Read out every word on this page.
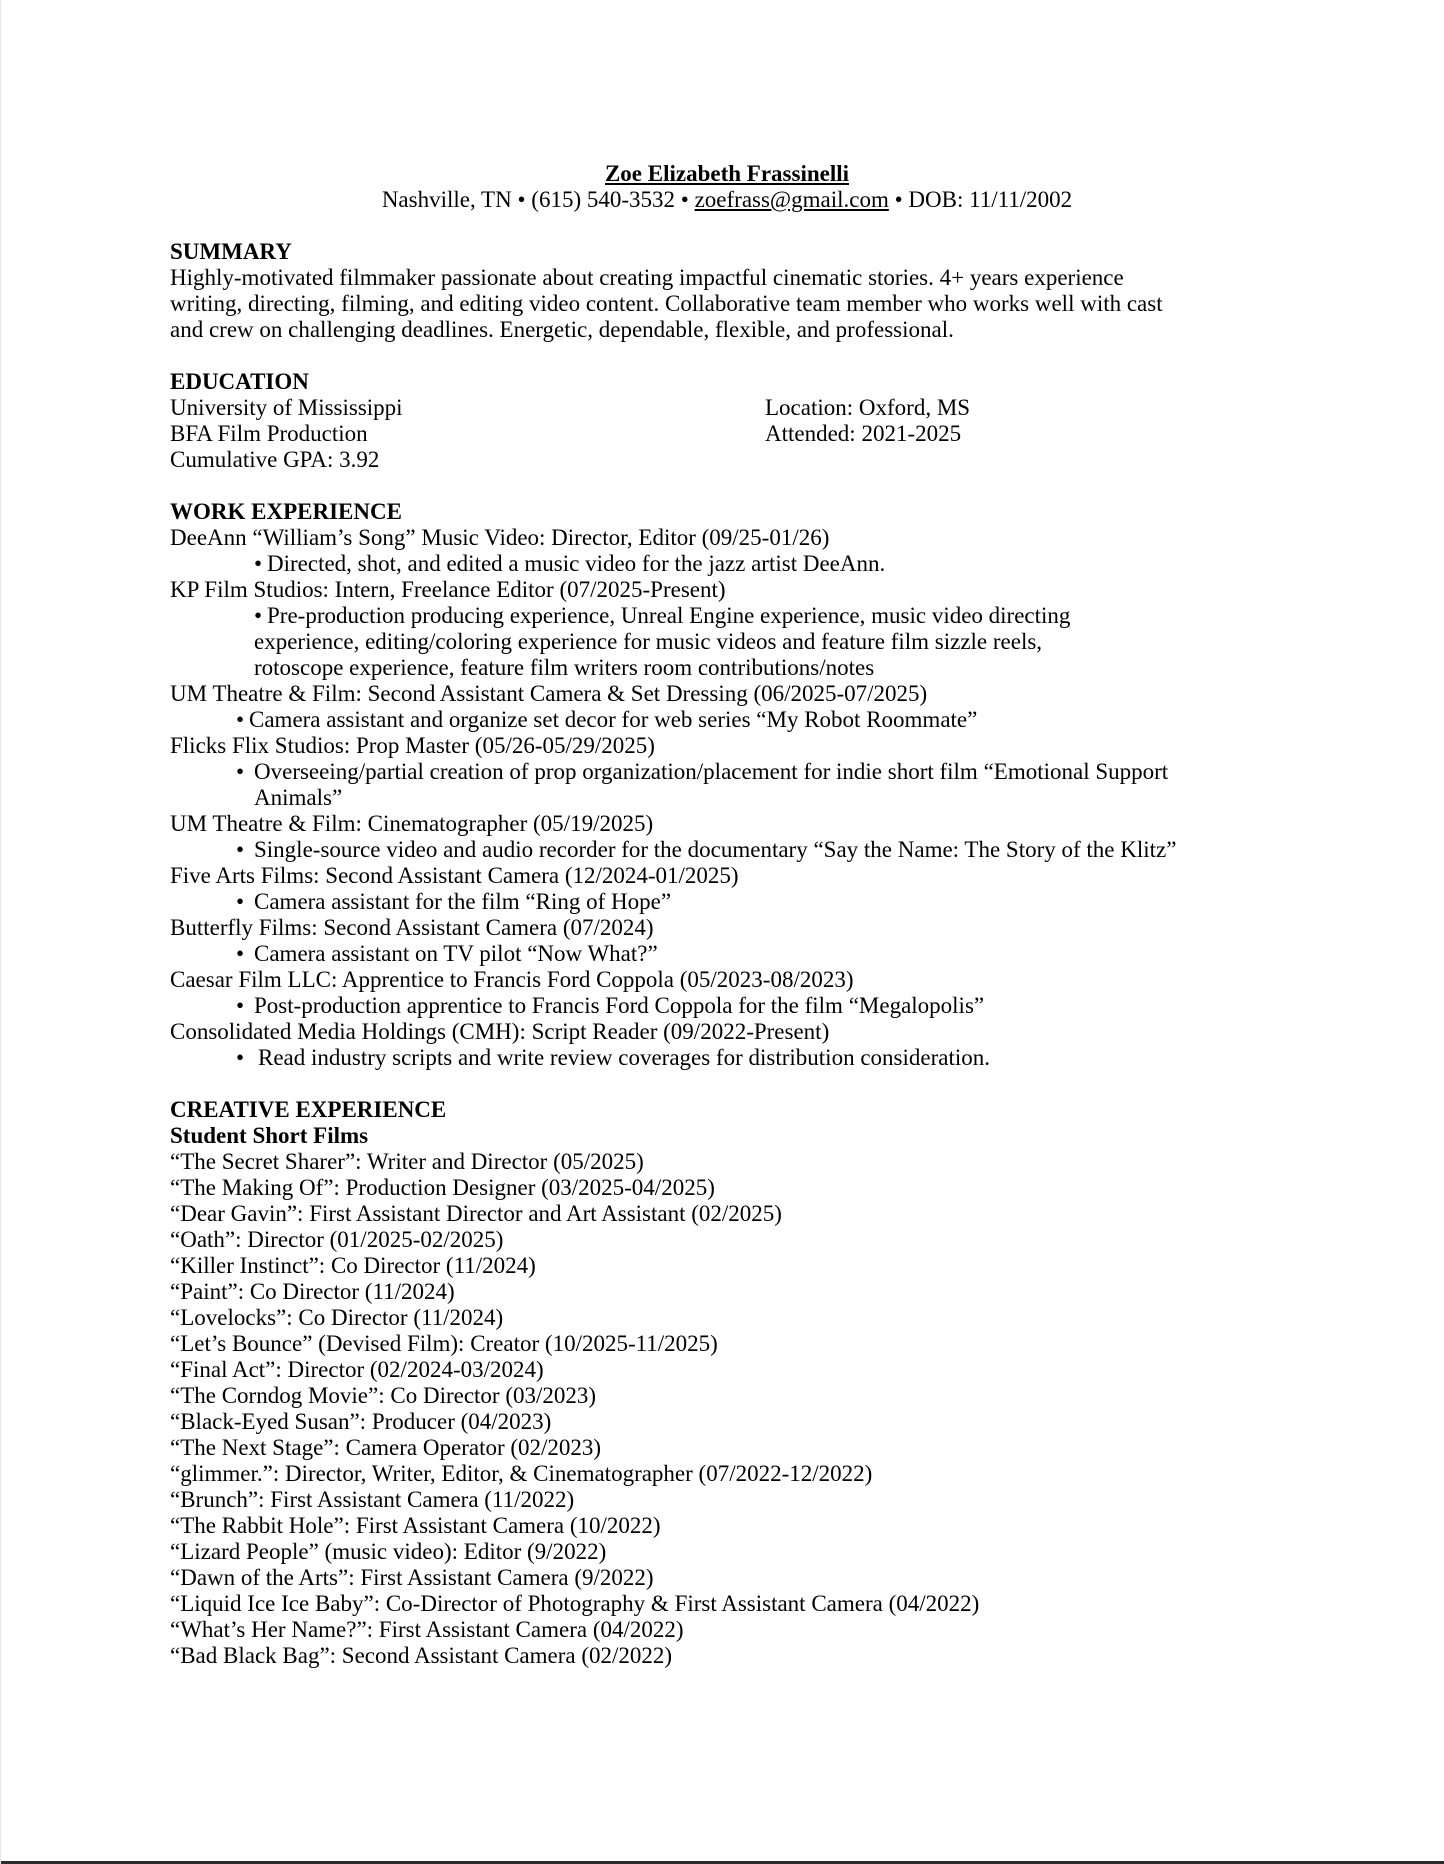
Zoe Elizabeth Frassinelli
Nashville, TN • (615) 540-3532 • zoefrass@gmail.com • DOB: 11/11/2002
SUMMARY
Highly-motivated filmmaker passionate about creating impactful cinematic stories. 4+ years experience
writing, directing, filming, and editing video content. Collaborative team member who works well with cast
and crew on challenging deadlines. Energetic, dependable, flexible, and professional.
EDUCATION
University of Mississippi	Location: Oxford, MS
BFA Film Production	Attended: 2021-2025
Cumulative GPA: 3.92
WORK EXPERIENCE
DeeAnn “William’s Song” Music Video: Director, Editor (09/25-01/26)
• Directed, shot, and edited a music video for the jazz artist DeeAnn.
KP Film Studios: Intern, Freelance Editor (07/2025-Present)
• Pre-production producing experience, Unreal Engine experience, music video directing experience, editing/coloring experience for music videos and feature film sizzle reels, rotoscope experience, feature film writers room contributions/notes
UM Theatre & Film: Second Assistant Camera & Set Dressing (06/2025-07/2025)
• Camera assistant and organize set decor for web series “My Robot Roommate”
Flicks Flix Studios: Prop Master (05/26-05/29/2025)
• Overseeing/partial creation of prop organization/placement for indie short film “Emotional Support Animals”
UM Theatre & Film: Cinematographer (05/19/2025)
• Single-source video and audio recorder for the documentary “Say the Name: The Story of the Klitz”
Five Arts Films: Second Assistant Camera (12/2024-01/2025)
• Camera assistant for the film “Ring of Hope”
Butterfly Films: Second Assistant Camera (07/2024)
• Camera assistant on TV pilot “Now What?”
Caesar Film LLC: Apprentice to Francis Ford Coppola (05/2023-08/2023)
• Post-production apprentice to Francis Ford Coppola for the film “Megalopolis”
Consolidated Media Holdings (CMH): Script Reader (09/2022-Present)
• Read industry scripts and write review coverages for distribution consideration.
CREATIVE EXPERIENCE
Student Short Films
“The Secret Sharer”: Writer and Director (05/2025)
“The Making Of”: Production Designer (03/2025-04/2025)
“Dear Gavin”: First Assistant Director and Art Assistant (02/2025)
“Oath”: Director (01/2025-02/2025)
“Killer Instinct”: Co Director (11/2024)
“Paint”: Co Director (11/2024)
“Lovelocks”: Co Director (11/2024)
“Let’s Bounce” (Devised Film): Creator (10/2025-11/2025)
“Final Act”: Director (02/2024-03/2024)
“The Corndog Movie”: Co Director (03/2023)
“Black-Eyed Susan”: Producer (04/2023)
“The Next Stage”: Camera Operator (02/2023)
“glimmer.”: Director, Writer, Editor, & Cinematographer (07/2022-12/2022)
“Brunch”: First Assistant Camera (11/2022)
“The Rabbit Hole”: First Assistant Camera (10/2022)
“Lizard People” (music video): Editor (9/2022)
“Dawn of the Arts”: First Assistant Camera (9/2022)
“Liquid Ice Ice Baby”: Co-Director of Photography & First Assistant Camera (04/2022)
“What’s Her Name?”: First Assistant Camera (04/2022)
“Bad Black Bag”: Second Assistant Camera (02/2022)
